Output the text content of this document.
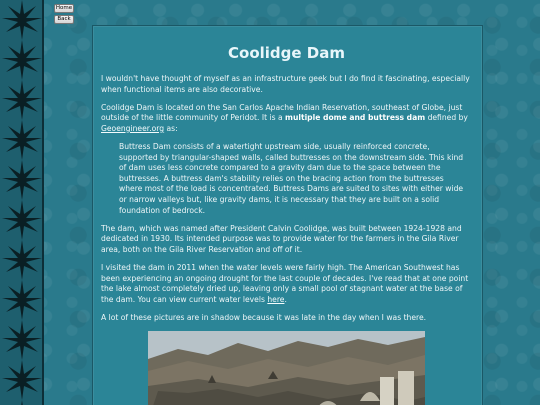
Home
Back
Coolidge Dam

I wouldn't have thought of myself as an infrastructure geek but I do find it fascinating, especially when functional items are also decorative.

Coolidge Dam is located on the San Carlos Apache Indian Reservation, southeast of Globe, just outside of the little community of Peridot. It is a multiple dome and buttress dam defined by Geoengineer.org as:

Buttress Dam consists of a watertight upstream side, usually reinforced concrete, supported by triangular-shaped walls, called buttresses on the downstream side. This kind of dam uses less concrete compared to a gravity dam due to the space between the buttresses. A buttress dam's stability relies on the bracing action from the buttresses where most of the load is concentrated. Buttress Dams are suited to sites with either wide or narrow valleys but, like gravity dams, it is necessary that they are built on a solid foundation of bedrock.

The dam, which was named after President Calvin Coolidge, was built between 1924-1928 and dedicated in 1930. Its intended purpose was to provide water for the farmers in the Gila River area, both on the Gila River Reservation and off of it.

I visited the dam in 2011 when the water levels were fairly high. The American Southwest has been experiencing an ongoing drought for the last couple of decades. I've read that at one point the lake almost completely dried up, leaving only a small pool of stagnant water at the base of the dam. You can view current water levels here.

A lot of these pictures are in shadow because it was late in the day when I was there.
